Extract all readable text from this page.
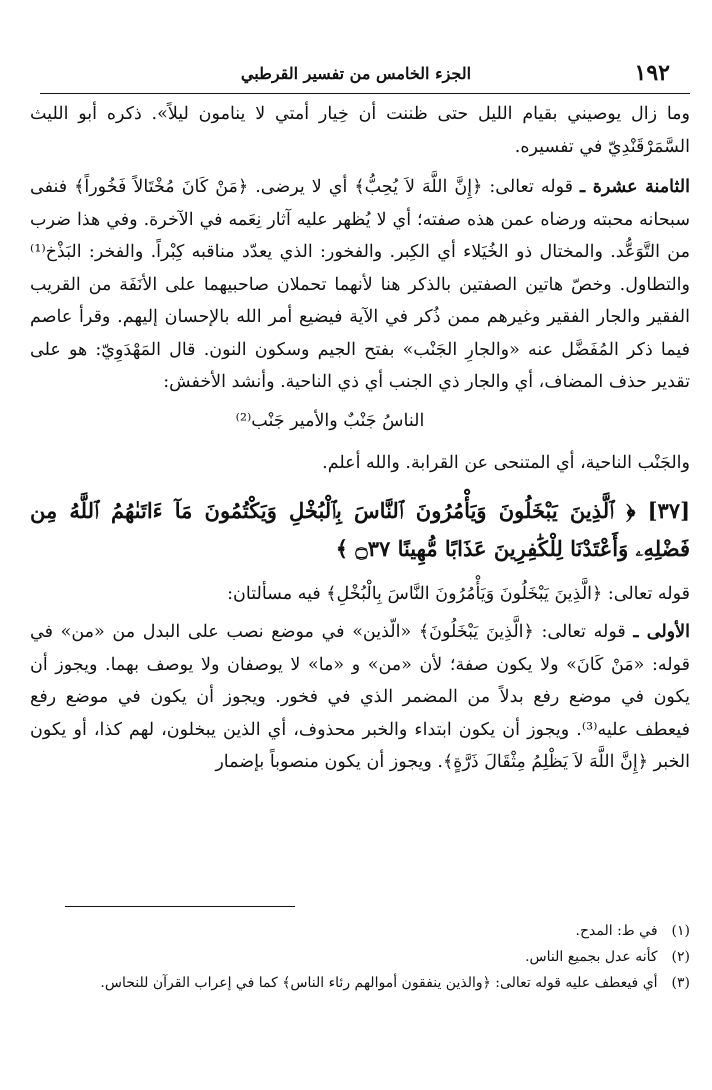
١٩٢
الجزء الخامس من تفسير القرطبي

وما زال يوصيني بقيام الليل حتى ظننت أن خِيار أمتي لا ينامون ليلاً». ذكره أبو الليث السَّمَرْقَنْدِيّ في تفسيره.

الثامنة عشرة ـ قوله تعالى: ﴿إِنَّ اللَّهَ لاَ يُحِبُّ﴾ أي لا يرضى. ﴿مَنْ كَانَ مُخْتَالاً فَخُوراً﴾ فنفى سبحانه محبته ورضاه عمن هذه صفته؛ أي لا يُظهر عليه آثار نِعَمه في الآخرة. وفي هذا ضرب من التَّوَعُّد. والمختال ذو الخُيَلاء أي الكِبر. والفخور: الذي يعدّد مناقبه كِبْراً. والفخر: البَذْخ⁽¹⁾ والتطاول. وخصّ هاتين الصفتين بالذكر هنا لأنهما تحملان صاحبيهما على الأنَفَة من القريب الفقير والجار الفقير وغيرهم ممن ذُكر في الآية فيضيع أمر الله بالإحسان إليهم. وقرأ عاصم فيما ذكر المُفَضَّل عنه «والجارِ الجَنْب» بفتح الجيم وسكون النون. قال المَهْدَوِيّ: هو على تقدير حذف المضاف، أي والجار ذي الجنب أي ذي الناحية. وأنشد الأخفش:

الناسُ جَنْبٌ والأمير جَنْب⁽²⁾

والجَنْب الناحية، أي المتنحى عن القرابة. والله أعلم.

[٣٧] ﴿ ٱلَّذِينَ يَبْخَلُونَ وَيَأْمُرُونَ ٱلنَّاسَ بِٱلْبُخْلِ وَيَكْتُمُونَ مَآ ءَاتَىٰهُمُ ٱللَّهُ مِن فَضْلِهِۦ وَأَعْتَدْنَا لِلْكَٰفِرِينَ عَذَابًا مُّهِينًا ۝٣٧ ﴾

قوله تعالى: ﴿الَّذِينَ يَبْخَلُونَ وَيَأْمُرُونَ النَّاسَ بِالْبُخْلِ﴾ فيه مسألتان:

الأولى ـ قوله تعالى: ﴿الَّذِينَ يَبْخَلُونَ﴾ «الّذين» في موضع نصب على البدل من «من» في قوله: «مَنْ كَانَ» ولا يكون صفة؛ لأن «من» و «ما» لا يوصفان ولا يوصف بهما. ويجوز أن يكون في موضع رفع بدلاً من المضمر الذي في فخور. ويجوز أن يكون في موضع رفع فيعطف عليه⁽³⁾. ويجوز أن يكون ابتداء والخبر محذوف، أي الذين يبخلون، لهم كذا، أو يكون الخبر ﴿إِنَّ اللَّهَ لاَ يَظْلِمُ مِثْقَالَ ذَرَّةٍ﴾. ويجوز أن يكون منصوباً بإضمار

(١) في ط: المدح.

(٢) كأنه عدل بجميع الناس.

(٣) أي فيعطف عليه قوله تعالى: ﴿والذين ينفقون أموالهم رئاء الناس﴾ كما في إعراب القرآن للنحاس.
